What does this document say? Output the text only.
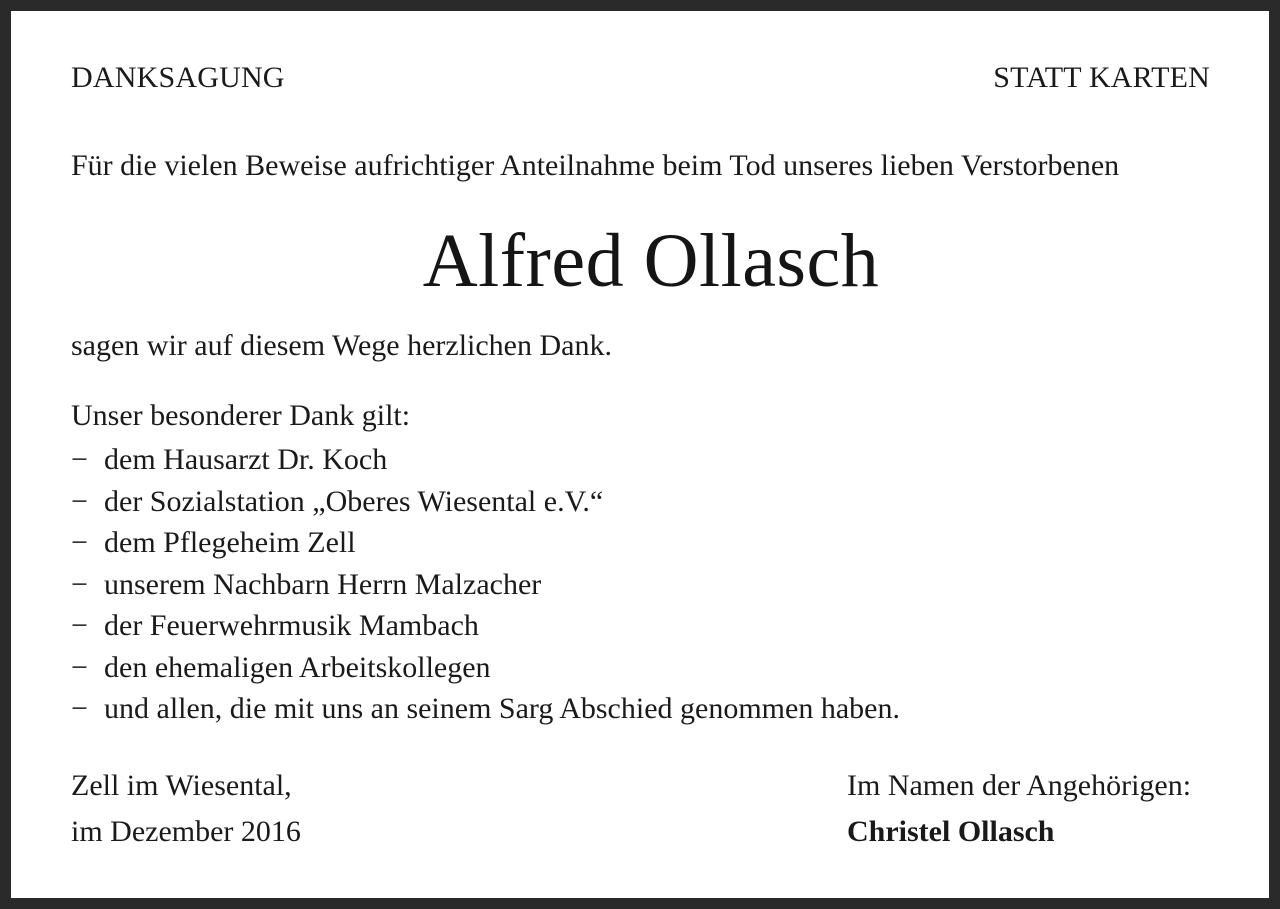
DANKSAGUNG	STATT KARTEN
Für die vielen Beweise aufrichtiger Anteilnahme beim Tod unseres lieben Verstorbenen
Alfred Ollasch
sagen wir auf diesem Wege herzlichen Dank.
Unser besonderer Dank gilt:
− dem Hausarzt Dr. Koch
− der Sozialstation „Oberes Wiesental e.V.“
− dem Pflegeheim Zell
− unserem Nachbarn Herrn Malzacher
− der Feuerwehrmusik Mambach
− den ehemaligen Arbeitskollegen
− und allen, die mit uns an seinem Sarg Abschied genommen haben.
Zell im Wiesental,
im Dezember 2016
Im Namen der Angehörigen:
Christel Ollasch
